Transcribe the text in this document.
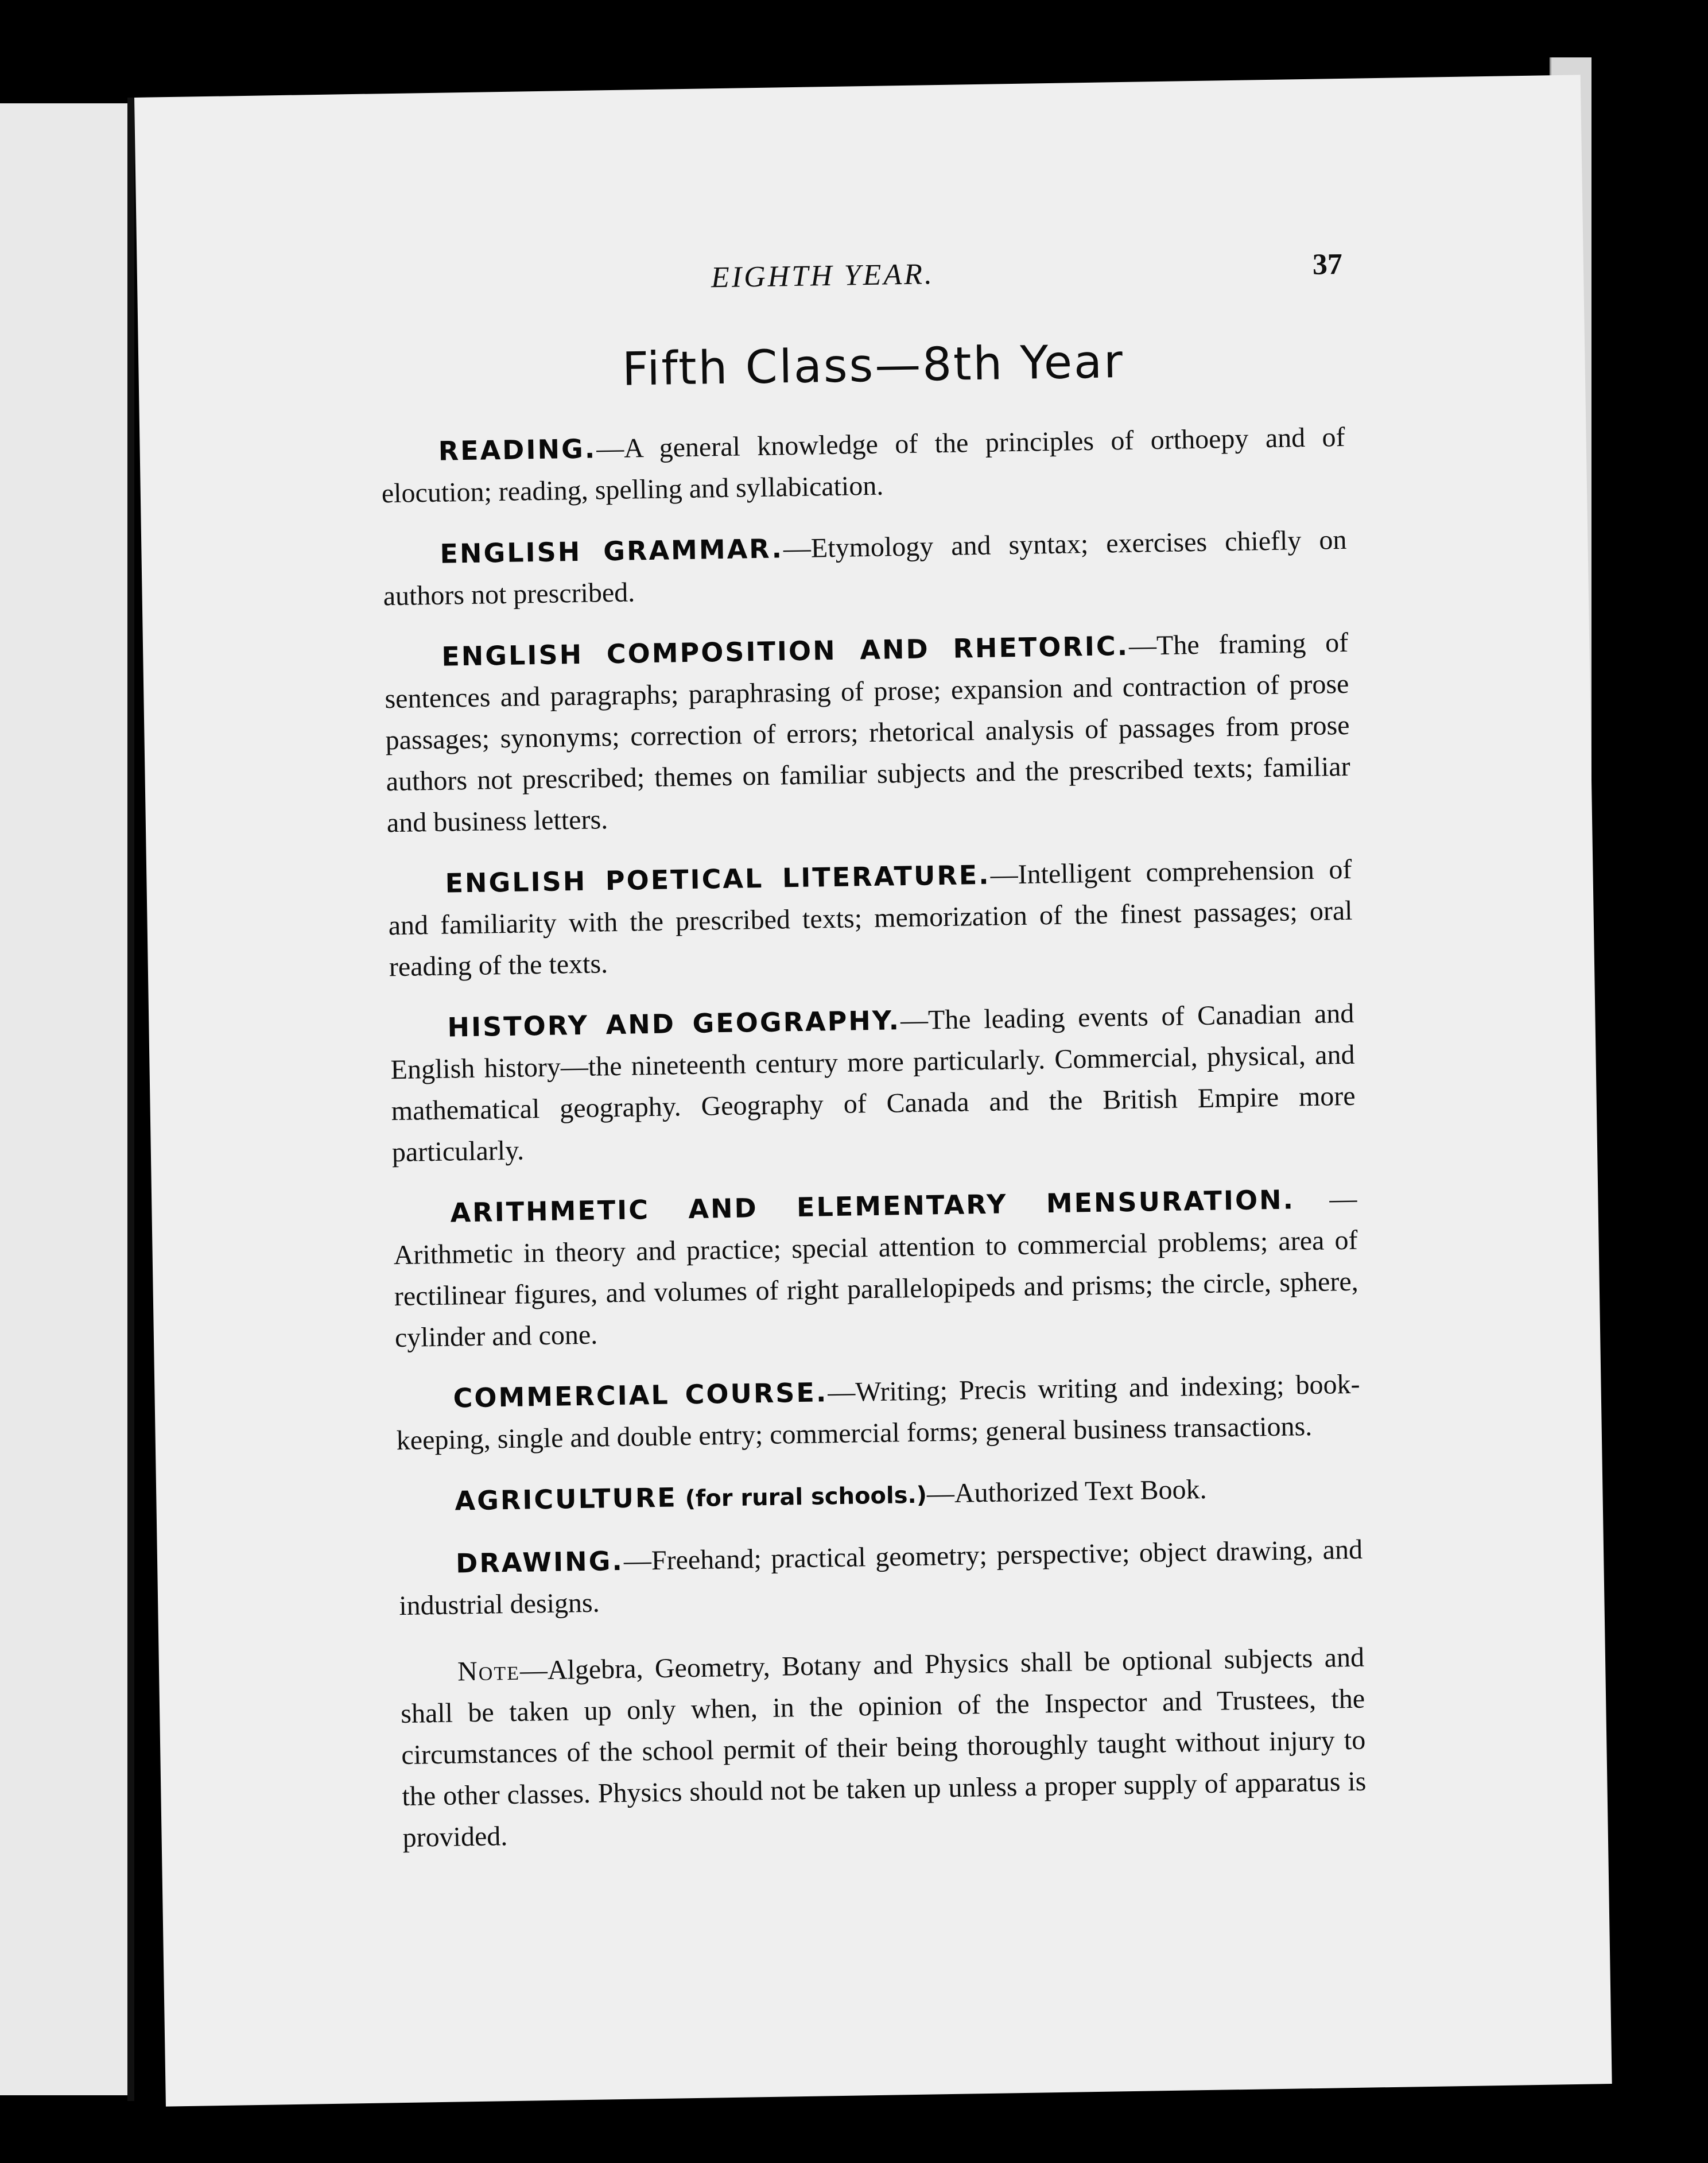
EIGHTH YEAR.	37
Fifth Class—8th Year

READING.—A general knowledge of the principles of orthoepy and of elocution; reading, spelling and syllabication.

ENGLISH GRAMMAR.—Etymology and syntax; exercises chiefly on authors not prescribed.

ENGLISH COMPOSITION AND RHETORIC.—The framing of sentences and paragraphs; paraphrasing of prose; expansion and contraction of prose passages; synonyms; correction of errors; rhetorical analysis of passages from prose authors not prescribed; themes on familiar subjects and the prescribed texts; familiar and business letters.

ENGLISH POETICAL LITERATURE.—Intelligent comprehension of and familiarity with the prescribed texts; memorization of the finest passages; oral reading of the texts.

HISTORY AND GEOGRAPHY.—The leading events of Canadian and English history—the nineteenth century more particularly. Commercial, physical, and mathematical geography. Geography of Canada and the British Empire more particularly.

ARITHMETIC AND ELEMENTARY MENSURATION. —Arithmetic in theory and practice; special attention to commercial problems; area of rectilinear figures, and volumes of right parallelopipeds and prisms; the circle, sphere, cylinder and cone.

COMMERCIAL COURSE.—Writing; Precis writing and indexing; book-keeping, single and double entry; commercial forms; general business transactions.

AGRICULTURE (for rural schools.)—Authorized Text Book.

DRAWING.—Freehand; practical geometry; perspective; object drawing, and industrial designs.

Note—Algebra, Geometry, Botany and Physics shall be optional subjects and shall be taken up only when, in the opinion of the Inspector and Trustees, the circumstances of the school permit of their being thoroughly taught without injury to the other classes. Physics should not be taken up unless a proper supply of apparatus is provided.
